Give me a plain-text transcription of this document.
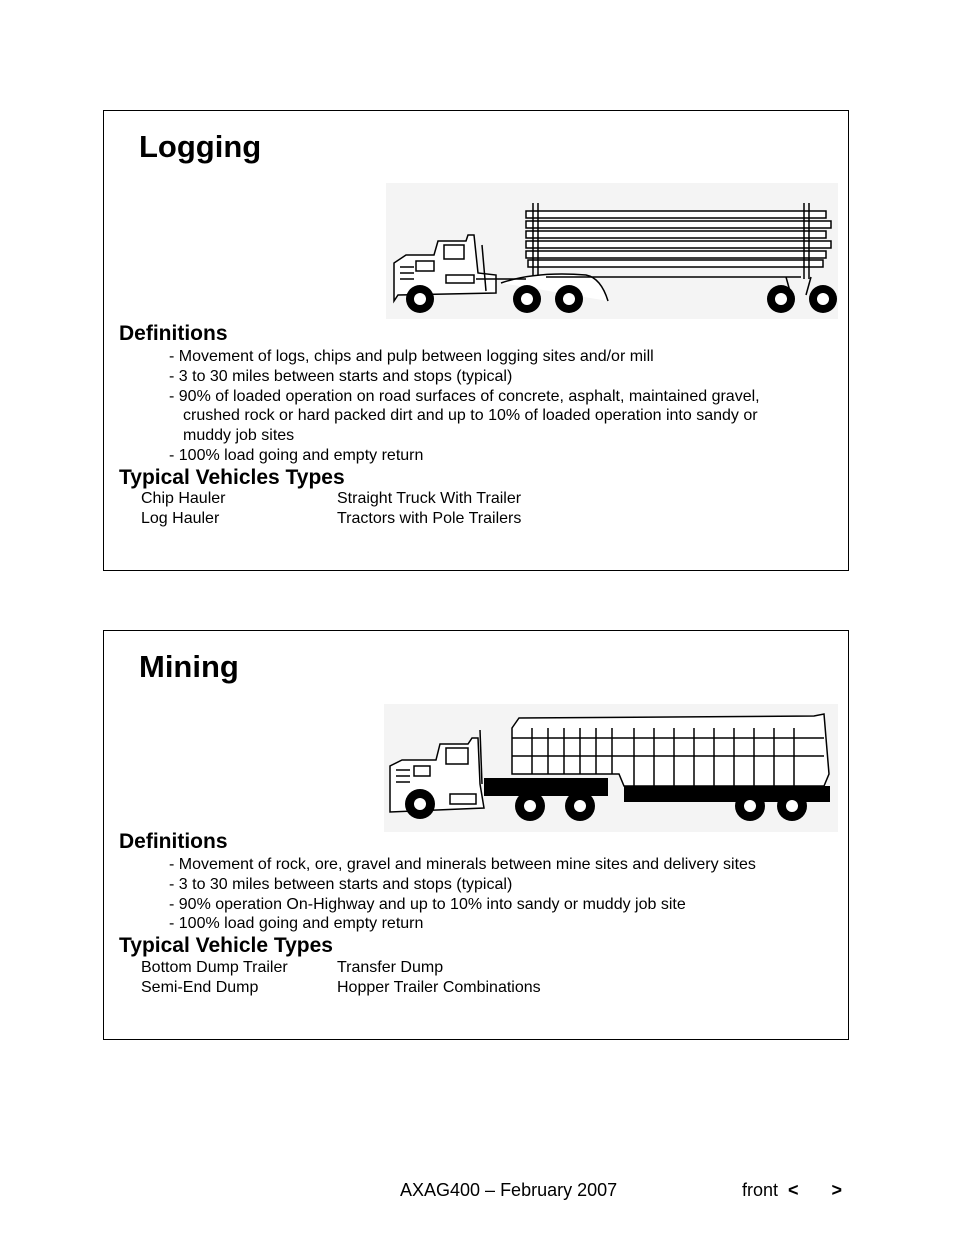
Logging
Definitions
- Movement of logs, chips and pulp between logging sites and/or mill
- 3 to 30 miles between starts and stops (typical)
- 90% of loaded operation on road surfaces of concrete, asphalt, maintained gravel,
crushed rock or hard packed dirt and up to 10% of loaded operation into sandy or
muddy job sites
- 100% load going and empty return
Typical Vehicles Types
Chip Hauler	Straight Truck With Trailer
Log Hauler	Tractors with Pole Trailers
Mining
Definitions
- Movement of rock, ore, gravel and minerals between mine sites and delivery sites
- 3 to 30 miles between starts and stops (typical)
- 90% operation On-Highway and up to 10% into sandy or muddy job site
- 100% load going and empty return
Typical Vehicle Types
Bottom Dump Trailer	Transfer Dump
Semi-End Dump	Hopper Trailer Combinations
AXAG400 – February 2007	front < >
